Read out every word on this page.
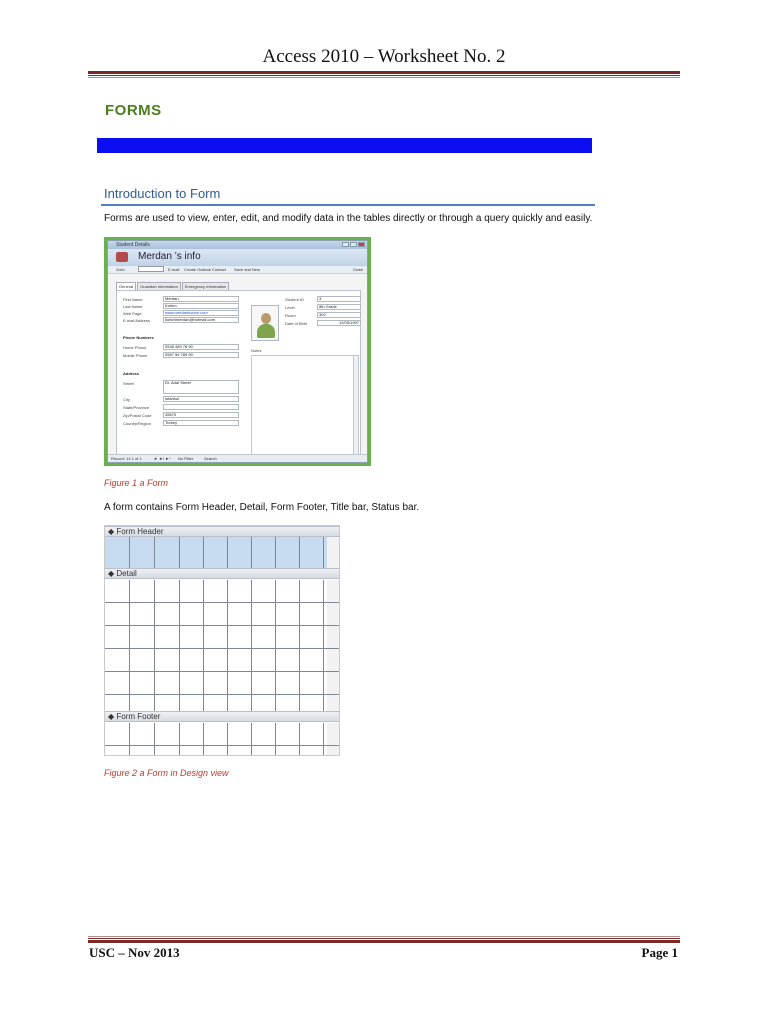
Access 2010 – Worksheet No. 2
FORMS
Introduction to Form
Forms are used to view, enter, edit, and modify data in the tables directly or through a query quickly and easily.
Student Details
Merdan ’s info
Goto	E-mail Create Outlook Contact Save and New	Close
General	Guardian Information	Emergency Information
First Name	Merdan
Last Name	Korkm
Web Page	www.merdankorkm.com
E-mail Address	korkmmerdan@hotmail.com
Phone Numbers
Home Phone	0548 489 78 90
Mobile Phone	0567 56 789 90
Address
Street	Dr. Adal Street
City	Istanbul
State/Province
Zip/Postal Code	45670
Country/Region	Turkey
Student ID	3
Level	8th Grade
Room	302
Date of Birth	12/05/1997
Notes
Record: 14 1 of 1	► ►I ►* No Filter	Search
Figure 1 a Form
A form contains Form Header, Detail, Form Footer, Title bar, Status bar.
◆ Form Header
◆ Detail
◆ Form Footer
Figure 2 a Form in Design view
USC – Nov 2013	Page 1
